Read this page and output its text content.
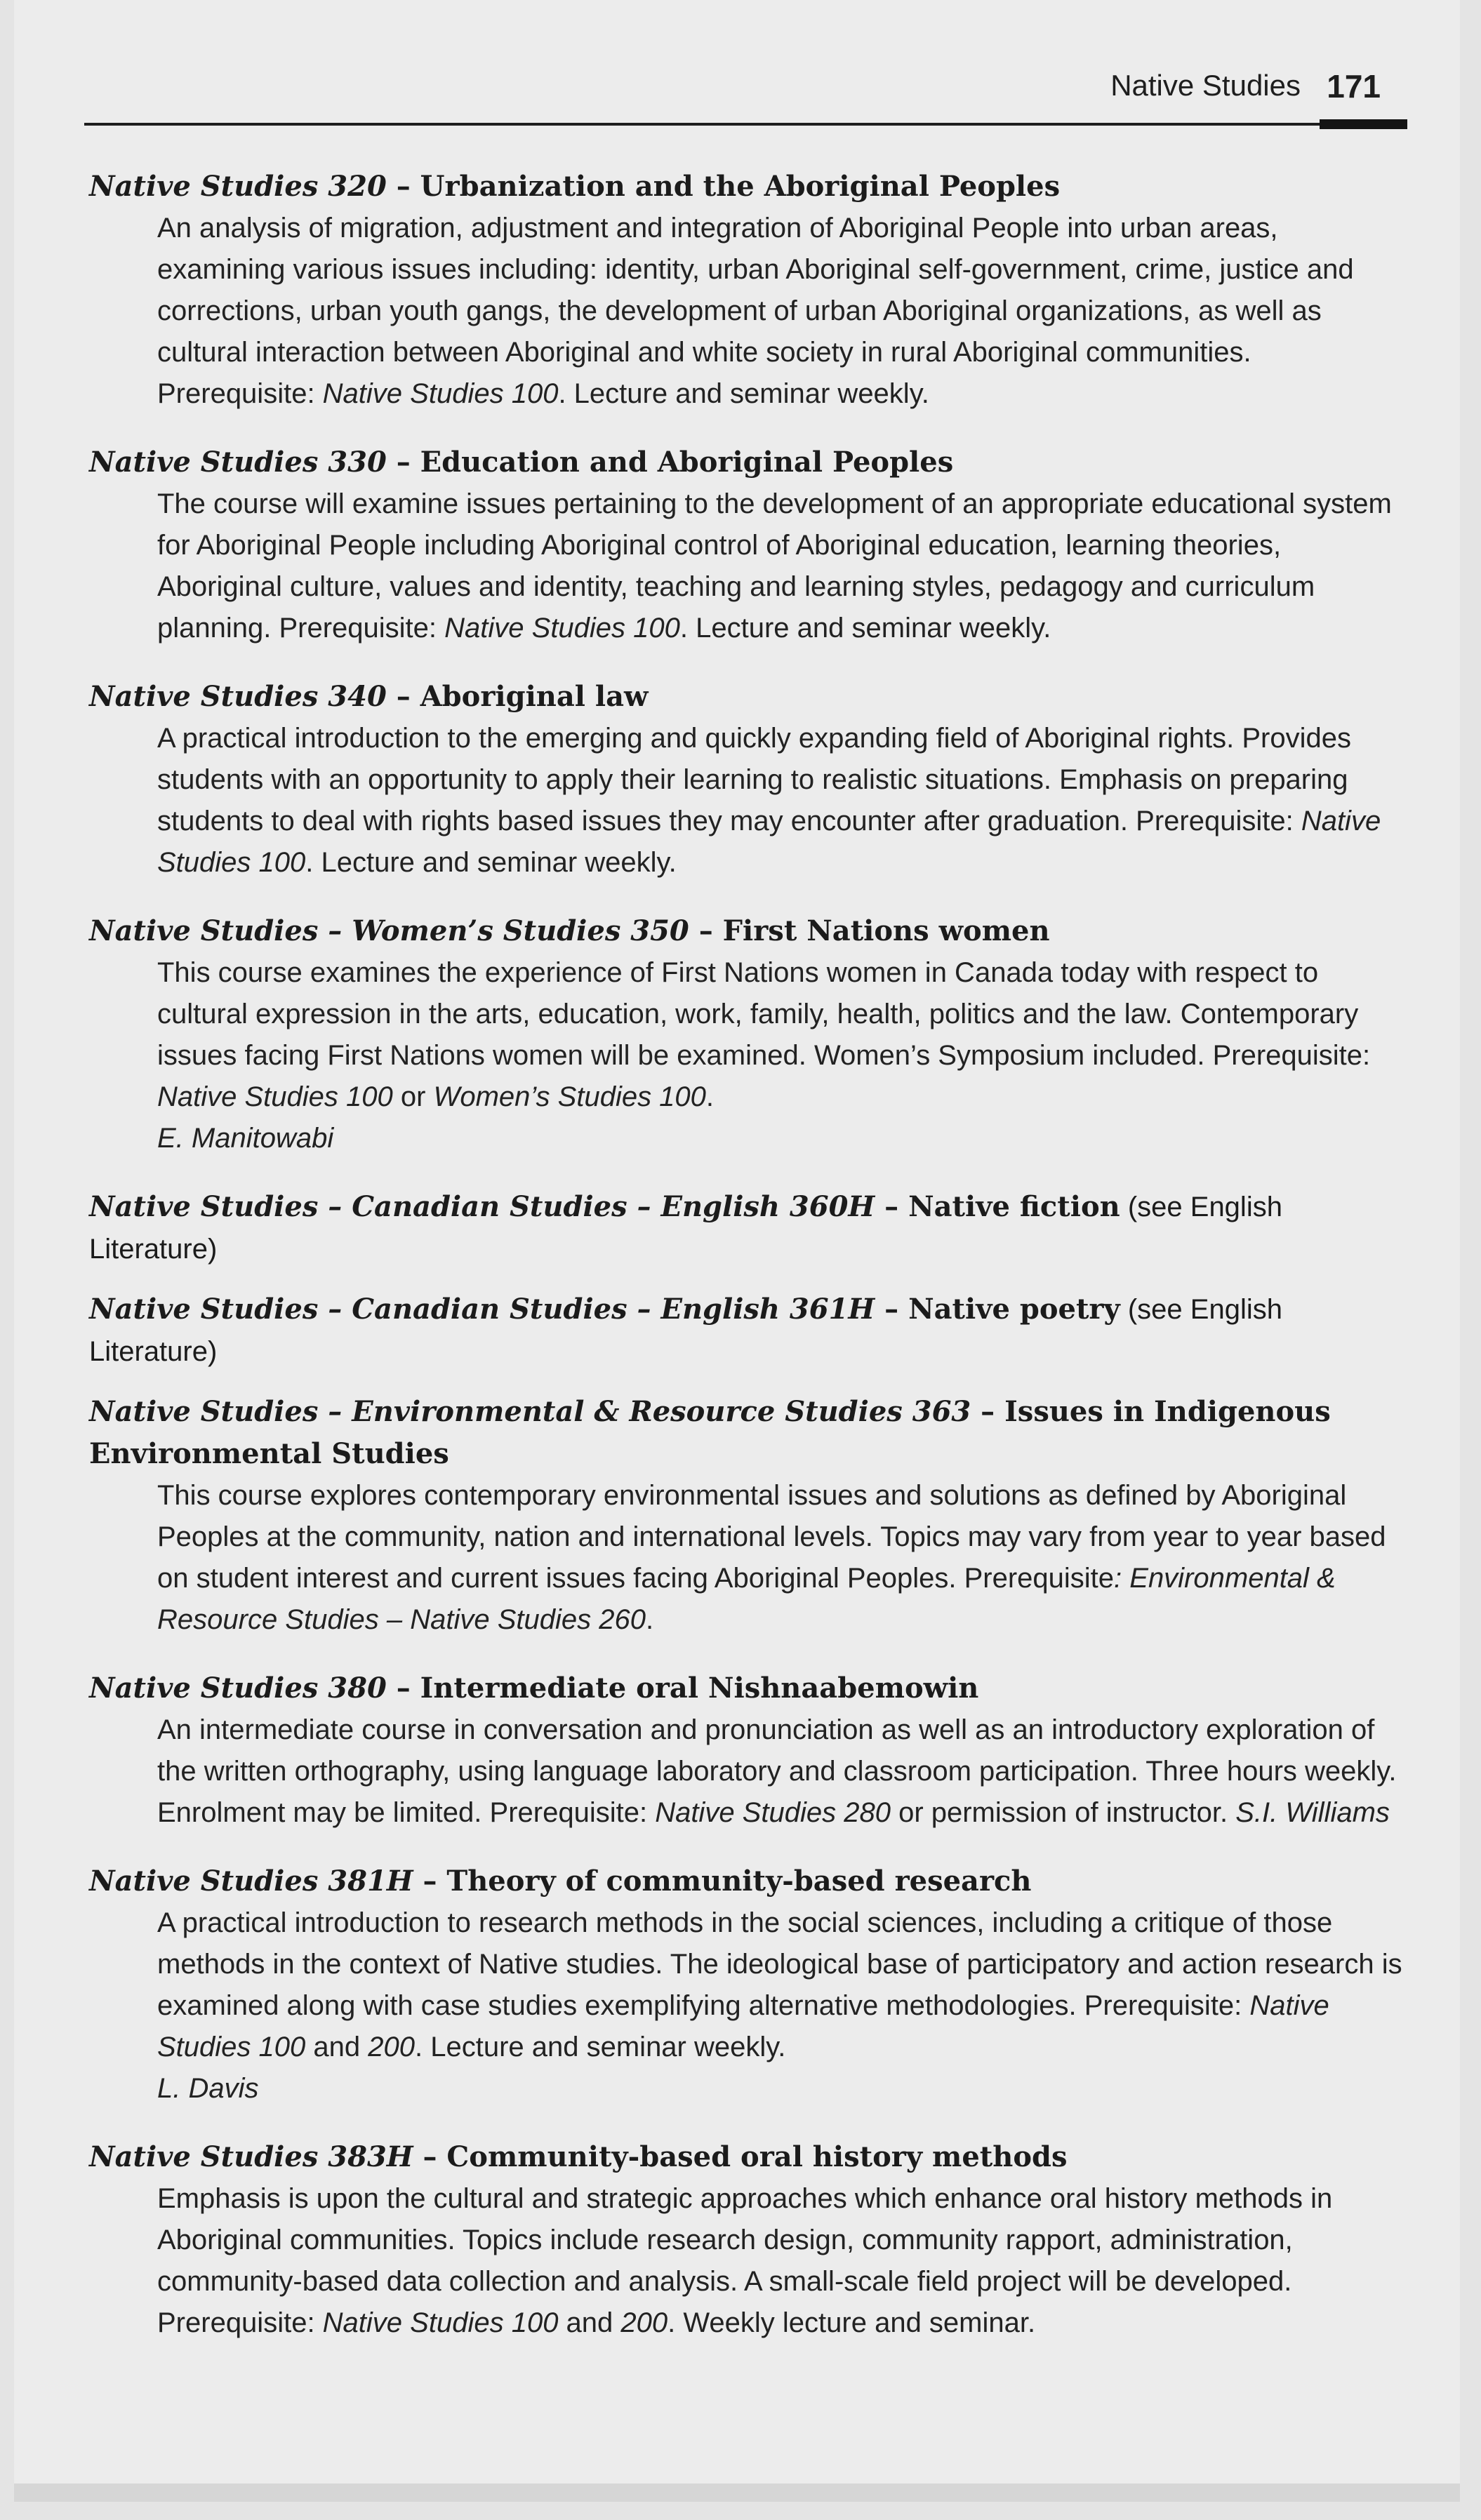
Native Studies 171
Native Studies 320 – Urbanization and the Aboriginal Peoples
An analysis of migration, adjustment and integration of Aboriginal People into urban areas, examining various issues including: identity, urban Aboriginal self-government, crime, justice and corrections, urban youth gangs, the development of urban Aboriginal organizations, as well as cultural interaction between Aboriginal and white society in rural Aboriginal communities. Prerequisite: Native Studies 100. Lecture and seminar weekly.
Native Studies 330 – Education and Aboriginal Peoples
The course will examine issues pertaining to the development of an appropriate educational system for Aboriginal People including Aboriginal control of Aboriginal education, learning theories, Aboriginal culture, values and identity, teaching and learning styles, pedagogy and curriculum planning. Prerequisite: Native Studies 100. Lecture and seminar weekly.
Native Studies 340 – Aboriginal law
A practical introduction to the emerging and quickly expanding field of Aboriginal rights. Provides students with an opportunity to apply their learning to realistic situations. Emphasis on preparing students to deal with rights based issues they may encounter after graduation. Prerequisite: Native Studies 100. Lecture and seminar weekly.
Native Studies – Women’s Studies 350 – First Nations women
This course examines the experience of First Nations women in Canada today with respect to cultural expression in the arts, education, work, family, health, politics and the law. Contemporary issues facing First Nations women will be examined. Women’s Symposium included. Prerequisite: Native Studies 100 or Women’s Studies 100.
E. Manitowabi
Native Studies – Canadian Studies – English 360H – Native fiction (see English Literature)
Native Studies – Canadian Studies – English 361H – Native poetry (see English Literature)
Native Studies – Environmental & Resource Studies 363 – Issues in Indigenous Environmental Studies
This course explores contemporary environmental issues and solutions as defined by Aboriginal Peoples at the community, nation and international levels. Topics may vary from year to year based on student interest and current issues facing Aboriginal Peoples. Prerequisite: Environmental & Resource Studies – Native Studies 260.
Native Studies 380 – Intermediate oral Nishnaabemowin
An intermediate course in conversation and pronunciation as well as an introductory exploration of the written orthography, using language laboratory and classroom participation. Three hours weekly. Enrolment may be limited. Prerequisite: Native Studies 280 or permission of instructor. S.I. Williams
Native Studies 381H – Theory of community-based research
A practical introduction to research methods in the social sciences, including a critique of those methods in the context of Native studies. The ideological base of participatory and action research is examined along with case studies exemplifying alternative methodologies. Prerequisite: Native Studies 100 and 200. Lecture and seminar weekly.
L. Davis
Native Studies 383H – Community-based oral history methods
Emphasis is upon the cultural and strategic approaches which enhance oral history methods in Aboriginal communities. Topics include research design, community rapport, administration, community-based data collection and analysis. A small-scale field project will be developed. Prerequisite: Native Studies 100 and 200. Weekly lecture and seminar.
